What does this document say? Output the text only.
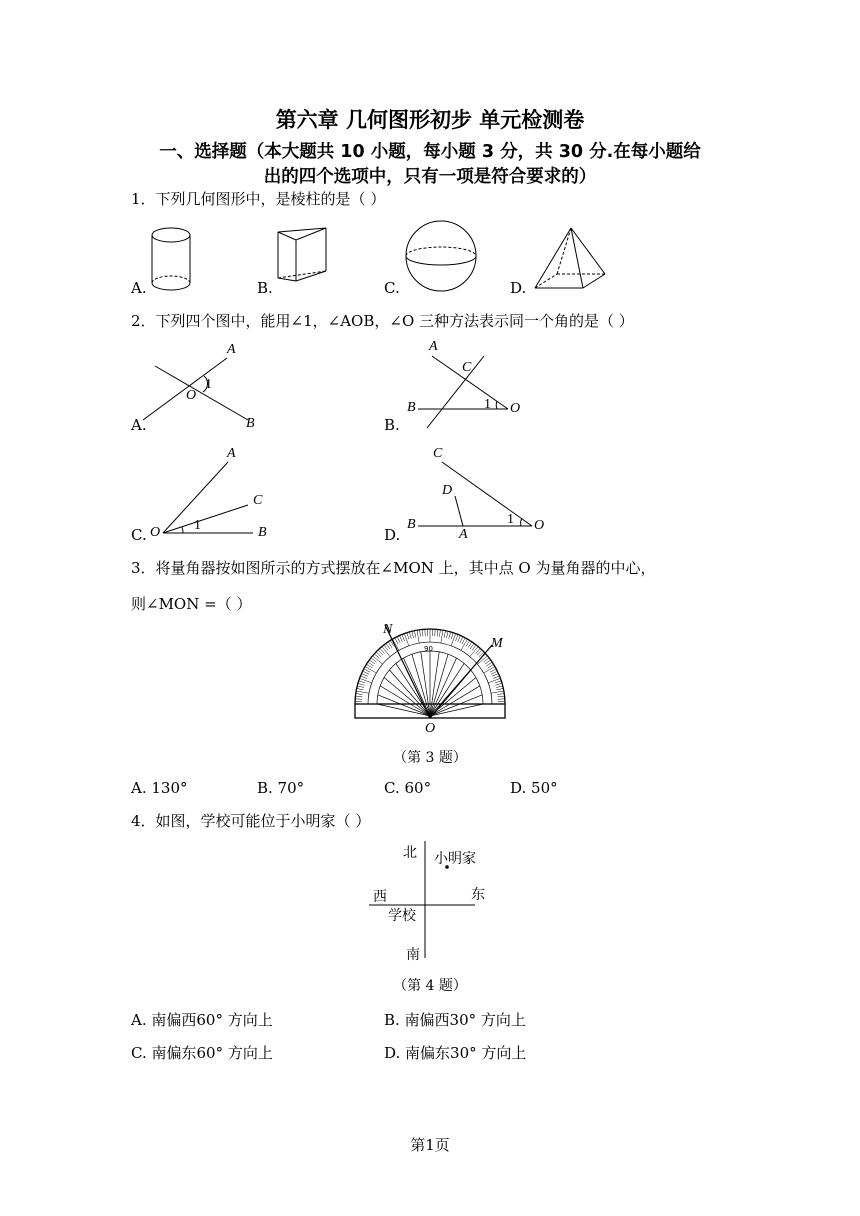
第六章 几何图形初步 单元检测卷
一、选择题（本大题共 10 小题，每小题 3 分，共 30 分.在每小题给
出的四个选项中，只有一项是符合要求的）
1．下列几何图形中，是棱柱的是（ ）
A.	B.	C.	D.
2．下列四个图中，能用∠1，∠AOB，∠O 三种方法表示同一个角的是（ ）
A
O
1
B
A.
A
C
B	1 O
B.
A
C
1
O	B
C.
C
D
B	1 O
A
D.
3．将量角器按如图所示的方式摆放在∠MON 上，其中点 O 为量角器的中心，
则∠MON =（ ）
90
N
M
O
（第 3 题）
A. 130°	B. 70°	C. 60°	D. 50°
4．如图，学校可能位于小明家（ ）
北 小明家
西	东
学校
南
（第 4 题）
A. 南偏西60° 方向上	B. 南偏西30° 方向上
C. 南偏东60° 方向上	D. 南偏东30° 方向上
第1页
